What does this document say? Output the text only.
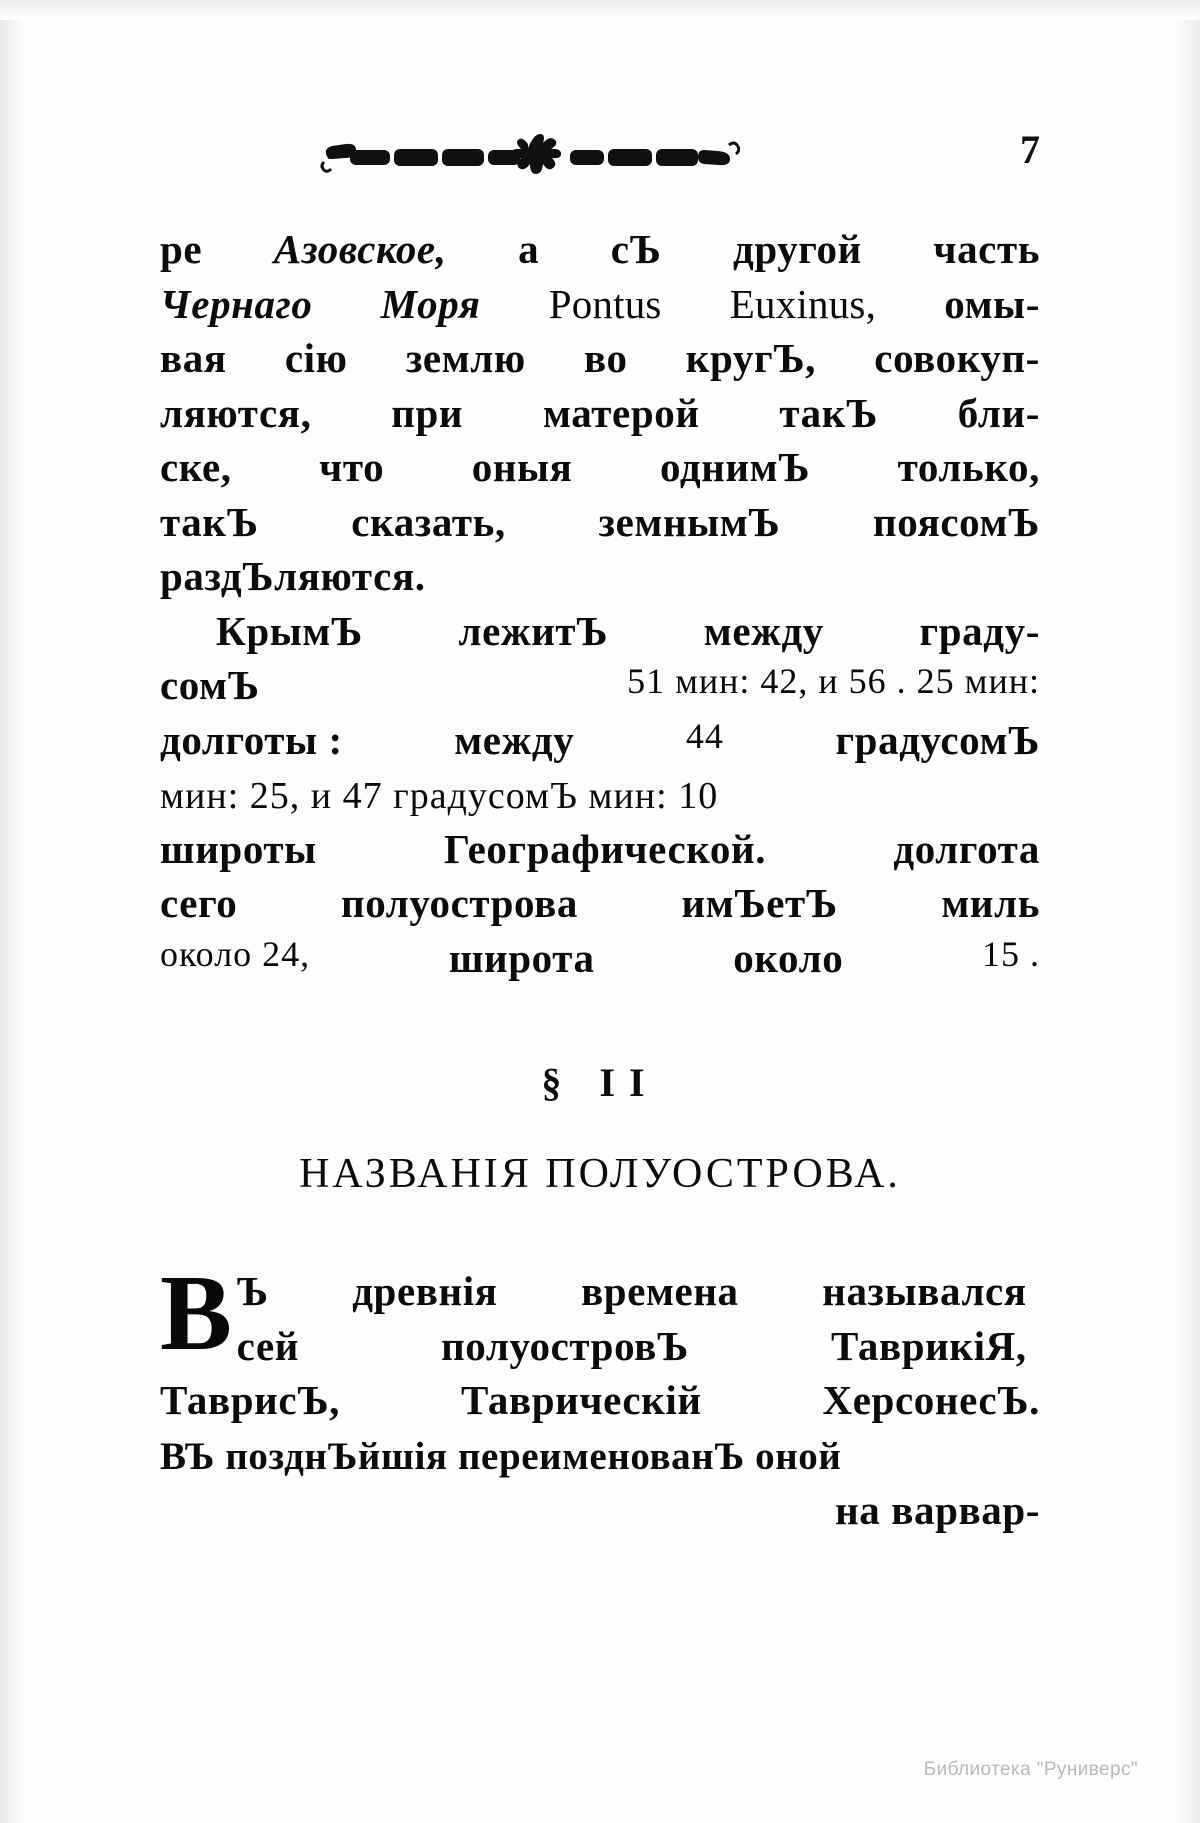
7
ре Азовское, а сЪ другой часть
Чернаго Моря Pontus Euxinus, омы-
вая сію землю во кругЪ, совокуп-
ляются, при матерой такЪ бли-
ске, что оныя однимЪ только,
такЪ сказать, земнымЪ поясомЪ
раздЪляются.
КрымЪ лежитЪ между граду-
сомЪ	51 мин: 42, и 56 . 25 мин:
долготы :	между	44	градусомЪ
мин: 25, и 47 градусомЪ мин: 10
широты	Географической.	долгота
сего	полуострова	имЪетЪ	миль
около 24,	широта	около	15 .
§ II
НАЗВАНІЯ ПОЛУОСТРОВА.
В Ъ древнія времена назывался
сей	полуостровЪ	ТаврикіЯ,
ТаврисЪ,	Таврическій	ХерсонесЪ.
ВЪ позднЪйшія переименованЪ оной
на варвар-
Библиотека "Руниверс"
